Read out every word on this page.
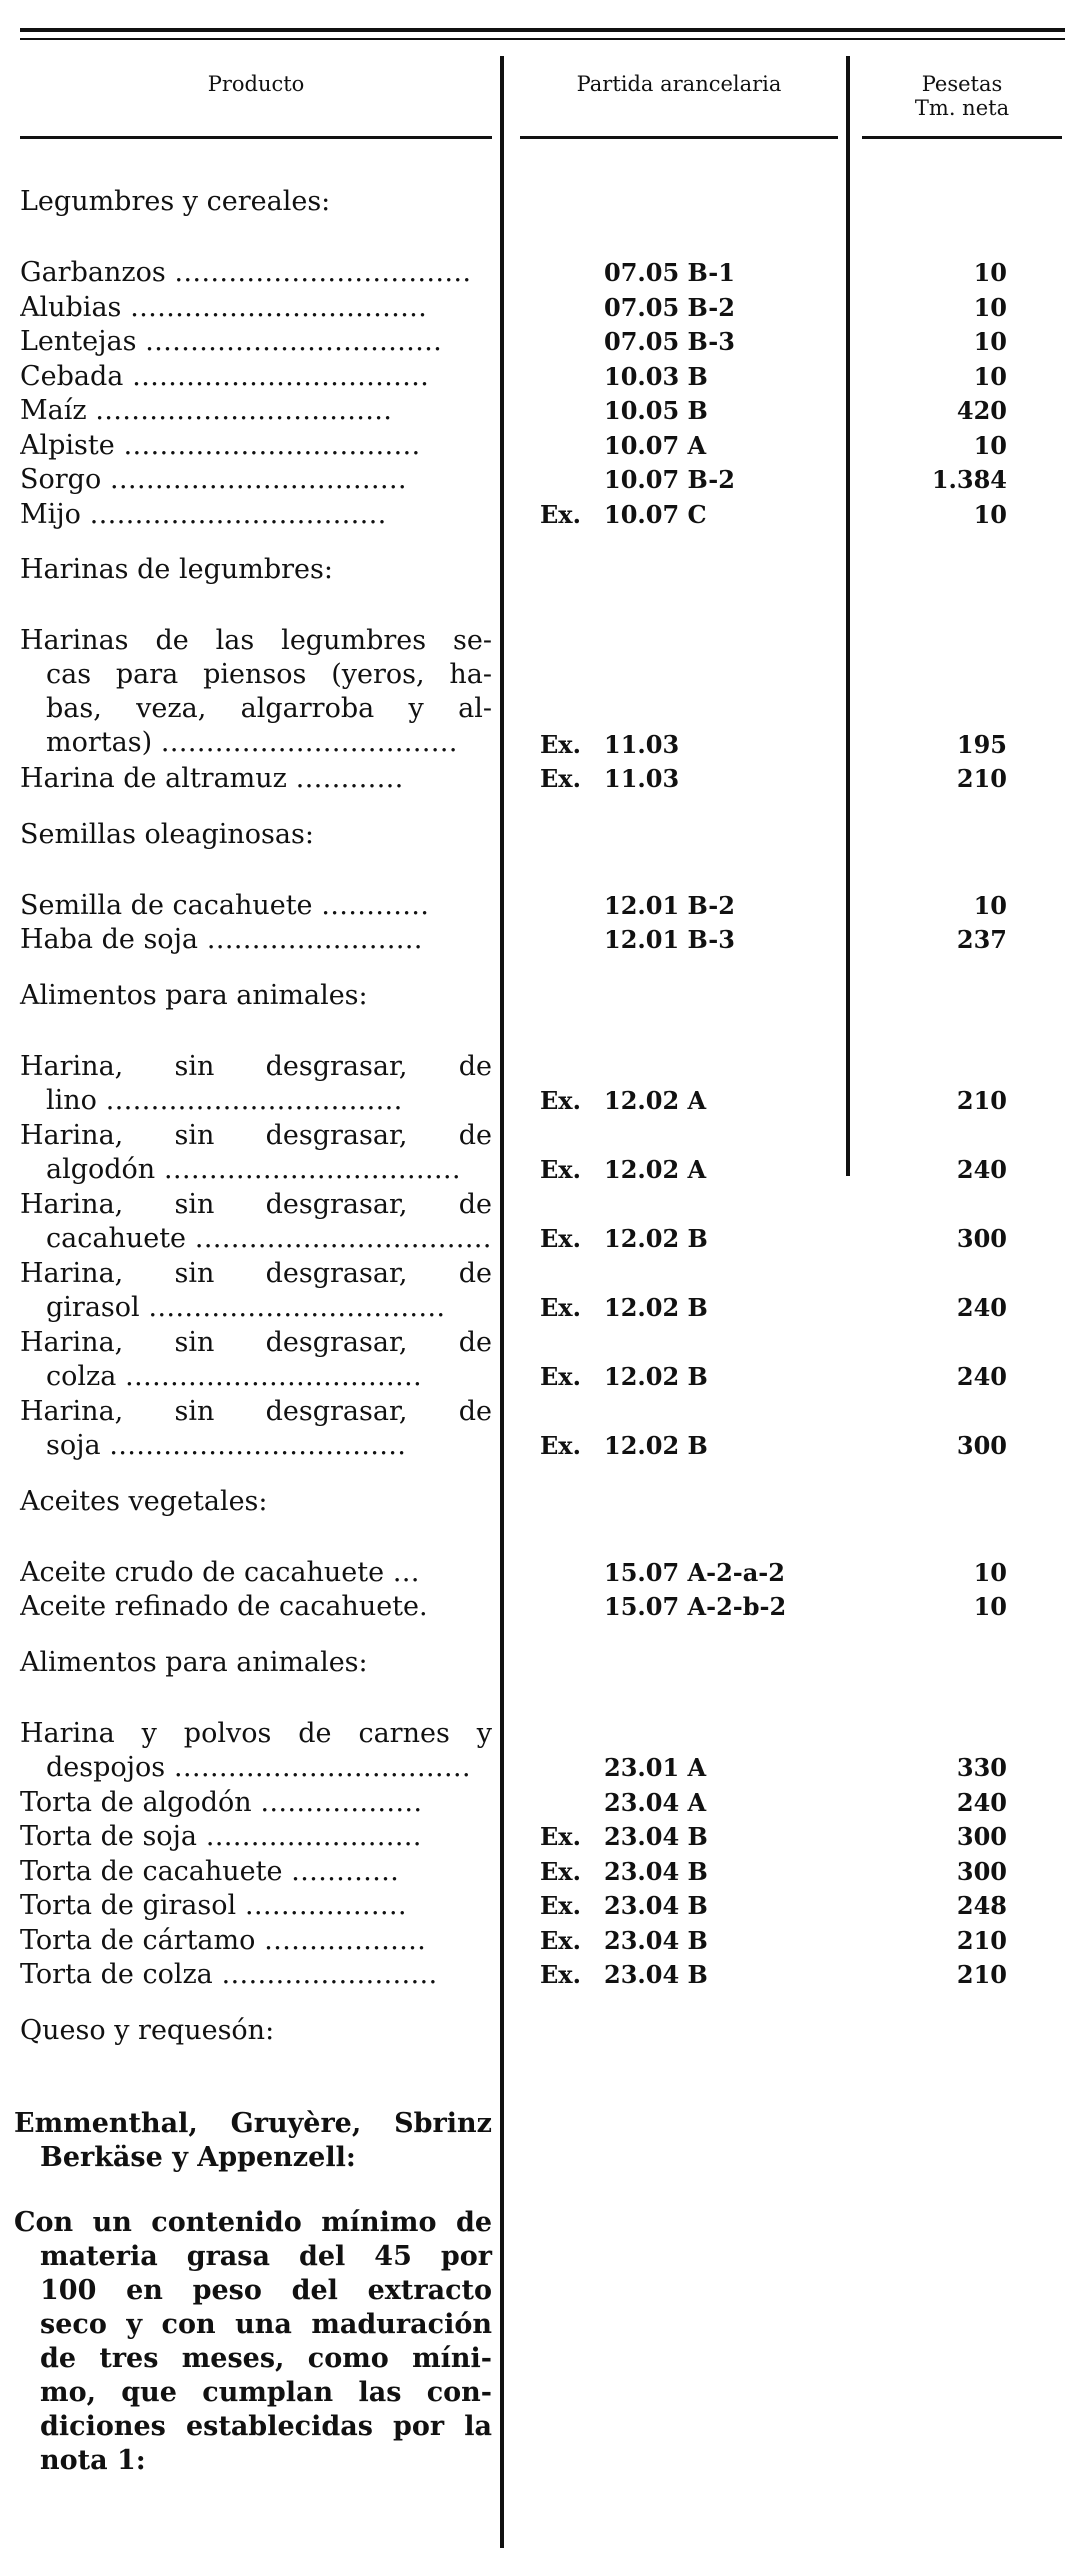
Producto	Partida arancelaria	Pesetas
Tm. neta
Legumbres y cereales:
Garbanzos ……………………………	07.05 B-1	10
Alubias ……………………………	07.05 B-2	10
Lentejas ……………………………	07.05 B-3	10
Cebada ……………………………	10.03 B	10
Maíz ……………………………	10.05 B	420
Alpiste ……………………………	10.07 A	10
Sorgo ……………………………	10.07 B-2	1.384
Mijo ……………………………	Ex. 10.07 C	10
Harinas de legumbres:
Harinas de las legumbres se-
cas para piensos (yeros, ha-
bas, veza, algarroba y al-
mortas) ……………………………	Ex. 11.03	195
Harina de altramuz …………	Ex. 11.03	210
Semillas oleaginosas:
Semilla de cacahuete …………	12.01 B-2	10
Haba de soja ……………………	12.01 B-3	237
Alimentos para animales:
Harina, sin desgrasar, de
lino ……………………………	Ex. 12.02 A	210
Harina, sin desgrasar, de
algodón ……………………………	Ex. 12.02 A	240
Harina, sin desgrasar, de
cacahuete …………………………… Ex. 12.02 B	300
Harina, sin desgrasar, de
girasol ……………………………	Ex. 12.02 B	240
Harina, sin desgrasar, de
colza ……………………………	Ex. 12.02 B	240
Harina, sin desgrasar, de
soja ……………………………	Ex. 12.02 B	300
Aceites vegetales:
Aceite crudo de cacahuete …	15.07 A-2-a-2	10
Aceite refinado de cacahuete.	15.07 A-2-b-2	10
Alimentos para animales:
Harina y polvos de carnes y
despojos ……………………………	23.01 A	330
Torta de algodón ………………	23.04 A	240
Torta de soja ……………………	Ex. 23.04 B	300
Torta de cacahuete …………	Ex. 23.04 B	300
Torta de girasol ………………	Ex. 23.04 B	248
Torta de cártamo ………………	Ex. 23.04 B	210
Torta de colza ……………………	Ex. 23.04 B	210
Queso y requesón:
Emmenthal, Gruyère, Sbrinz
Berkäse y Appenzell:
Con un contenido mínimo de
materia grasa del 45 por
100 en peso del extracto
seco y con una maduración
de tres meses, como míni-
mo, que cumplan las con-
diciones establecidas por la
nota 1:
